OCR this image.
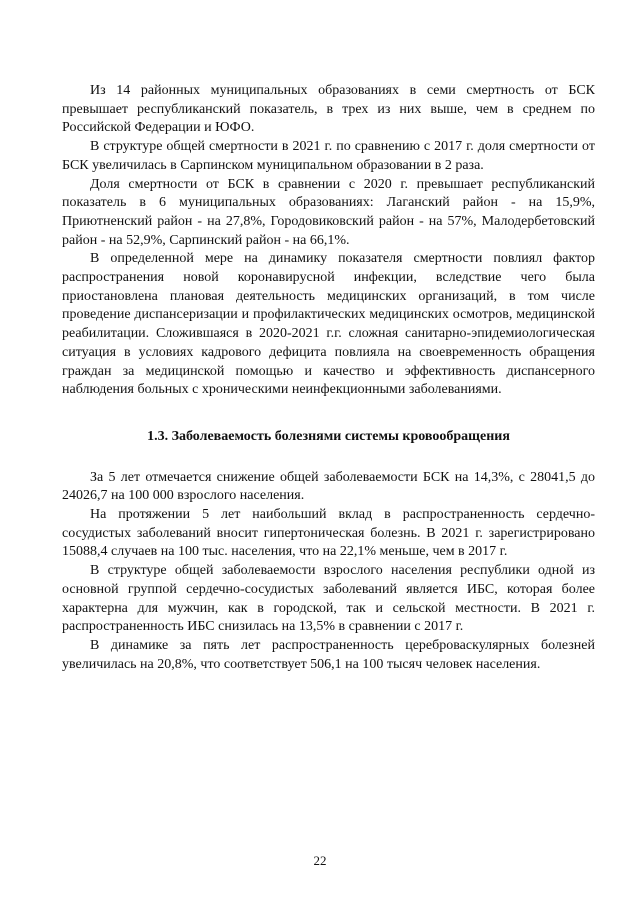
Из 14 районных муниципальных образованиях в семи смертность от БСК превышает республиканский показатель, в трех из них выше, чем в среднем по Российской Федерации и ЮФО.

В структуре общей смертности в 2021 г. по сравнению с 2017 г. доля смертности от БСК увеличилась в Сарпинском муниципальном образовании в 2 раза.

Доля смертности от БСК в сравнении с 2020 г. превышает республиканский показатель в 6 муниципальных образованиях: Лаганский район - на 15,9%, Приютненский район - на 27,8%, Городовиковский район - на 57%, Малодербетовский район - на 52,9%, Сарпинский район - на 66,1%.

В определенной мере на динамику показателя смертности повлиял фактор распространения новой коронавирусной инфекции, вследствие чего была приостановлена плановая деятельность медицинских организаций, в том числе проведение диспансеризации и профилактических медицинских осмотров, медицинской реабилитации. Сложившаяся в 2020-2021 г.г. сложная санитарно-эпидемиологическая ситуация в условиях кадрового дефицита повлияла на своевременность обращения граждан за медицинской помощью и качество и эффективность диспансерного наблюдения больных с хроническими неинфекционными заболеваниями.

1.3. Заболеваемость болезнями системы кровообращения

За 5 лет отмечается снижение общей заболеваемости БСК на 14,3%, с 28041,5 до 24026,7 на 100 000 взрослого населения.

На протяжении 5 лет наибольший вклад в распространенность сердечно-сосудистых заболеваний вносит гипертоническая болезнь. В 2021 г. зарегистрировано 15088,4 случаев на 100 тыс. населения, что на 22,1% меньше, чем в 2017 г.

В структуре общей заболеваемости взрослого населения республики одной из основной группой сердечно-сосудистых заболеваний является ИБС, которая более характерна для мужчин, как в городской, так и сельской местности. В 2021 г. распространенность ИБС снизилась на 13,5% в сравнении с 2017 г.

В динамике за пять лет распространенность цереброваскулярных болезней увеличилась на 20,8%, что соответствует 506,1 на 100 тысяч человек населения.

22
